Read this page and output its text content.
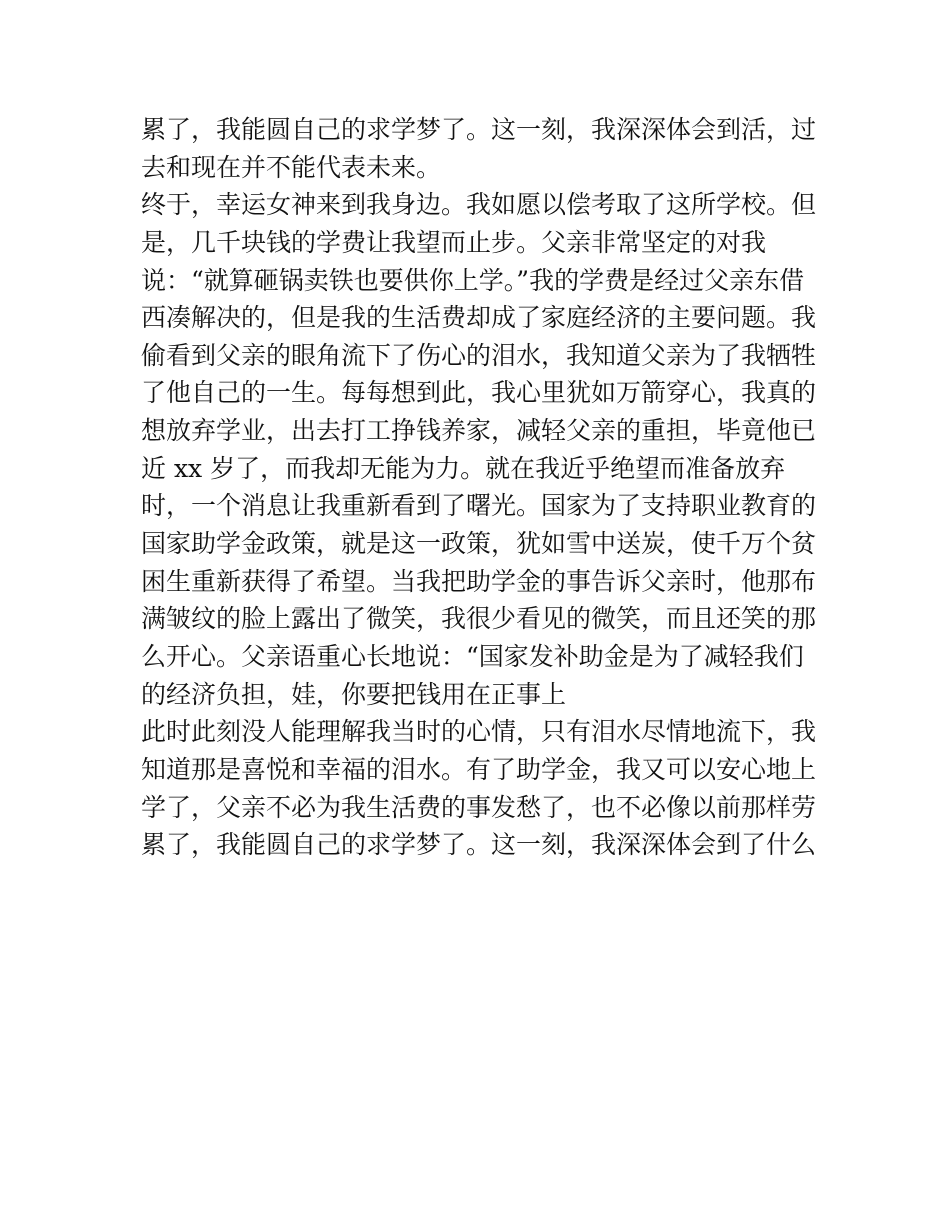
累了，我能圆自己的求学梦了。这一刻，我深深体会到活，过
去和现在并不能代表未来。
终于，幸运女神来到我身边。我如愿以偿考取了这所学校。但
是，几千块钱的学费让我望而止步。父亲非常坚定的对我
说：“就算砸锅卖铁也要供你上学。”我的学费是经过父亲东借
西凑解决的，但是我的生活费却成了家庭经济的主要问题。我
偷看到父亲的眼角流下了伤心的泪水，我知道父亲为了我牺牲
了他自己的一生。每每想到此，我心里犹如万箭穿心，我真的
想放弃学业，出去打工挣钱养家，减轻父亲的重担，毕竟他已
近 xx 岁了，而我却无能为力。就在我近乎绝望而准备放弃
时，一个消息让我重新看到了曙光。国家为了支持职业教育的
国家助学金政策，就是这一政策，犹如雪中送炭，使千万个贫
困生重新获得了希望。当我把助学金的事告诉父亲时，他那布
满皱纹的脸上露出了微笑，我很少看见的微笑，而且还笑的那
么开心。父亲语重心长地说：“国家发补助金是为了减轻我们
的经济负担，娃，你要把钱用在正事上
此时此刻没人能理解我当时的心情，只有泪水尽情地流下，我
知道那是喜悦和幸福的泪水。有了助学金，我又可以安心地上
学了，父亲不必为我生活费的事发愁了，也不必像以前那样劳
累了，我能圆自己的求学梦了。这一刻，我深深体会到了什么
